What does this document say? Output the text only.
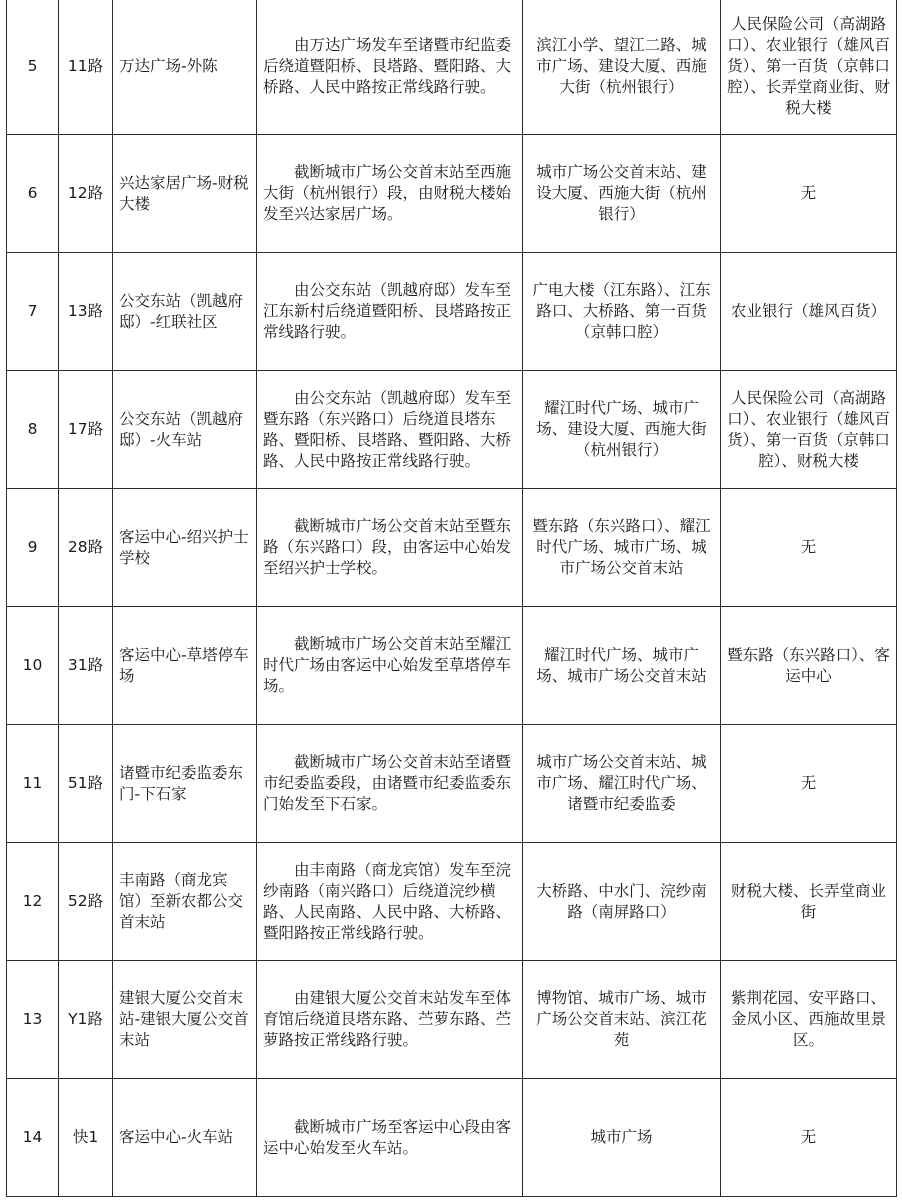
5	11路	万达广场-外陈	由万达广场发车至诸暨市纪监委后绕道暨阳桥、艮塔路、暨阳路、大桥路、人民中路按正常线路行驶。	滨江小学、望江二路、城市广场、建设大厦、西施大街（杭州银行）	人民保险公司（高湖路口）、农业银行（雄风百货）、第一百货（京韩口腔）、长弄堂商业街、财税大楼
6	12路	兴达家居广场-财税大楼	截断城市广场公交首末站至西施大街（杭州银行）段，由财税大楼始发至兴达家居广场。	城市广场公交首末站、建设大厦、西施大街（杭州银行）	无
7	13路	公交东站（凯越府邸）-红联社区	由公交东站（凯越府邸）发车至江东新村后绕道暨阳桥、艮塔路按正常线路行驶。	广电大楼（江东路）、江东路口、大桥路、第一百货（京韩口腔）	农业银行（雄风百货）
8	17路	公交东站（凯越府邸）-火车站	由公交东站（凯越府邸）发车至暨东路（东兴路口）后绕道艮塔东路、暨阳桥、艮塔路、暨阳路、大桥路、人民中路按正常线路行驶。	耀江时代广场、城市广场、建设大厦、西施大街（杭州银行）	人民保险公司（高湖路口）、农业银行（雄风百货）、第一百货（京韩口腔）、财税大楼
9	28路	客运中心-绍兴护士学校	截断城市广场公交首末站至暨东路（东兴路口）段，由客运中心始发至绍兴护士学校。	暨东路（东兴路口）、耀江时代广场、城市广场、城市广场公交首末站	无
10	31路	客运中心-草塔停车场	截断城市广场公交首末站至耀江时代广场由客运中心始发至草塔停车场。	耀江时代广场、城市广场、城市广场公交首末站	暨东路（东兴路口）、客运中心
11	51路	诸暨市纪委监委东门-下石家	截断城市广场公交首末站至诸暨市纪委监委段，由诸暨市纪委监委东门始发至下石家。	城市广场公交首末站、城市广场、耀江时代广场、诸暨市纪委监委	无
12	52路	丰南路（商龙宾馆）至新农都公交首末站	由丰南路（商龙宾馆）发车至浣纱南路（南兴路口）后绕道浣纱横路、人民南路、人民中路、大桥路、暨阳路按正常线路行驶。	大桥路、中水门、浣纱南路（南屏路口）	财税大楼、长弄堂商业街
13	Y1路	建银大厦公交首末站-建银大厦公交首末站	由建银大厦公交首末站发车至体育馆后绕道艮塔东路、苎萝东路、苎萝路按正常线路行驶。	博物馆、城市广场、城市广场公交首末站、滨江花苑	紫荆花园、安平路口、金凤小区、西施故里景区。
14	快1	客运中心-火车站	截断城市广场至客运中心段由客运中心始发至火车站。	城市广场	无
